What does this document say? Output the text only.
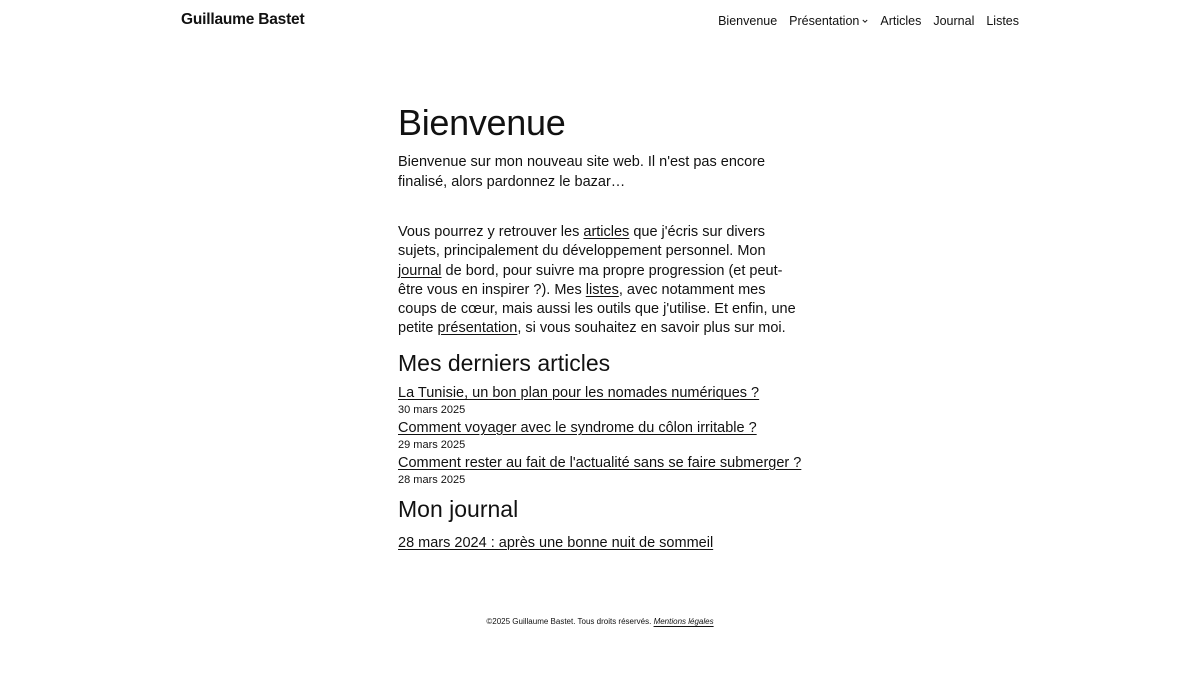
Guillaume Bastet	Bienvenue Présentation Articles Journal Listes
Bienvenue

Bienvenue sur mon nouveau site web. Il n'est pas encore finalisé, alors pardonnez le bazar…

Vous pourrez y retrouver les articles que j'écris sur divers sujets, principalement du développement personnel. Mon journal de bord, pour suivre ma propre progression (et peut-être vous en inspirer ?). Mes listes, avec notamment mes coups de cœur, mais aussi les outils que j'utilise. Et enfin, une petite présentation, si vous souhaitez en savoir plus sur moi.

Mes derniers articles
La Tunisie, un bon plan pour les nomades numériques ?
30 mars 2025
Comment voyager avec le syndrome du côlon irritable ?
29 mars 2025
Comment rester au fait de l'actualité sans se faire submerger ?
28 mars 2025
Mon journal
28 mars 2024 : après une bonne nuit de sommeil
©2025 Guillaume Bastet. Tous droits réservés. Mentions légales
